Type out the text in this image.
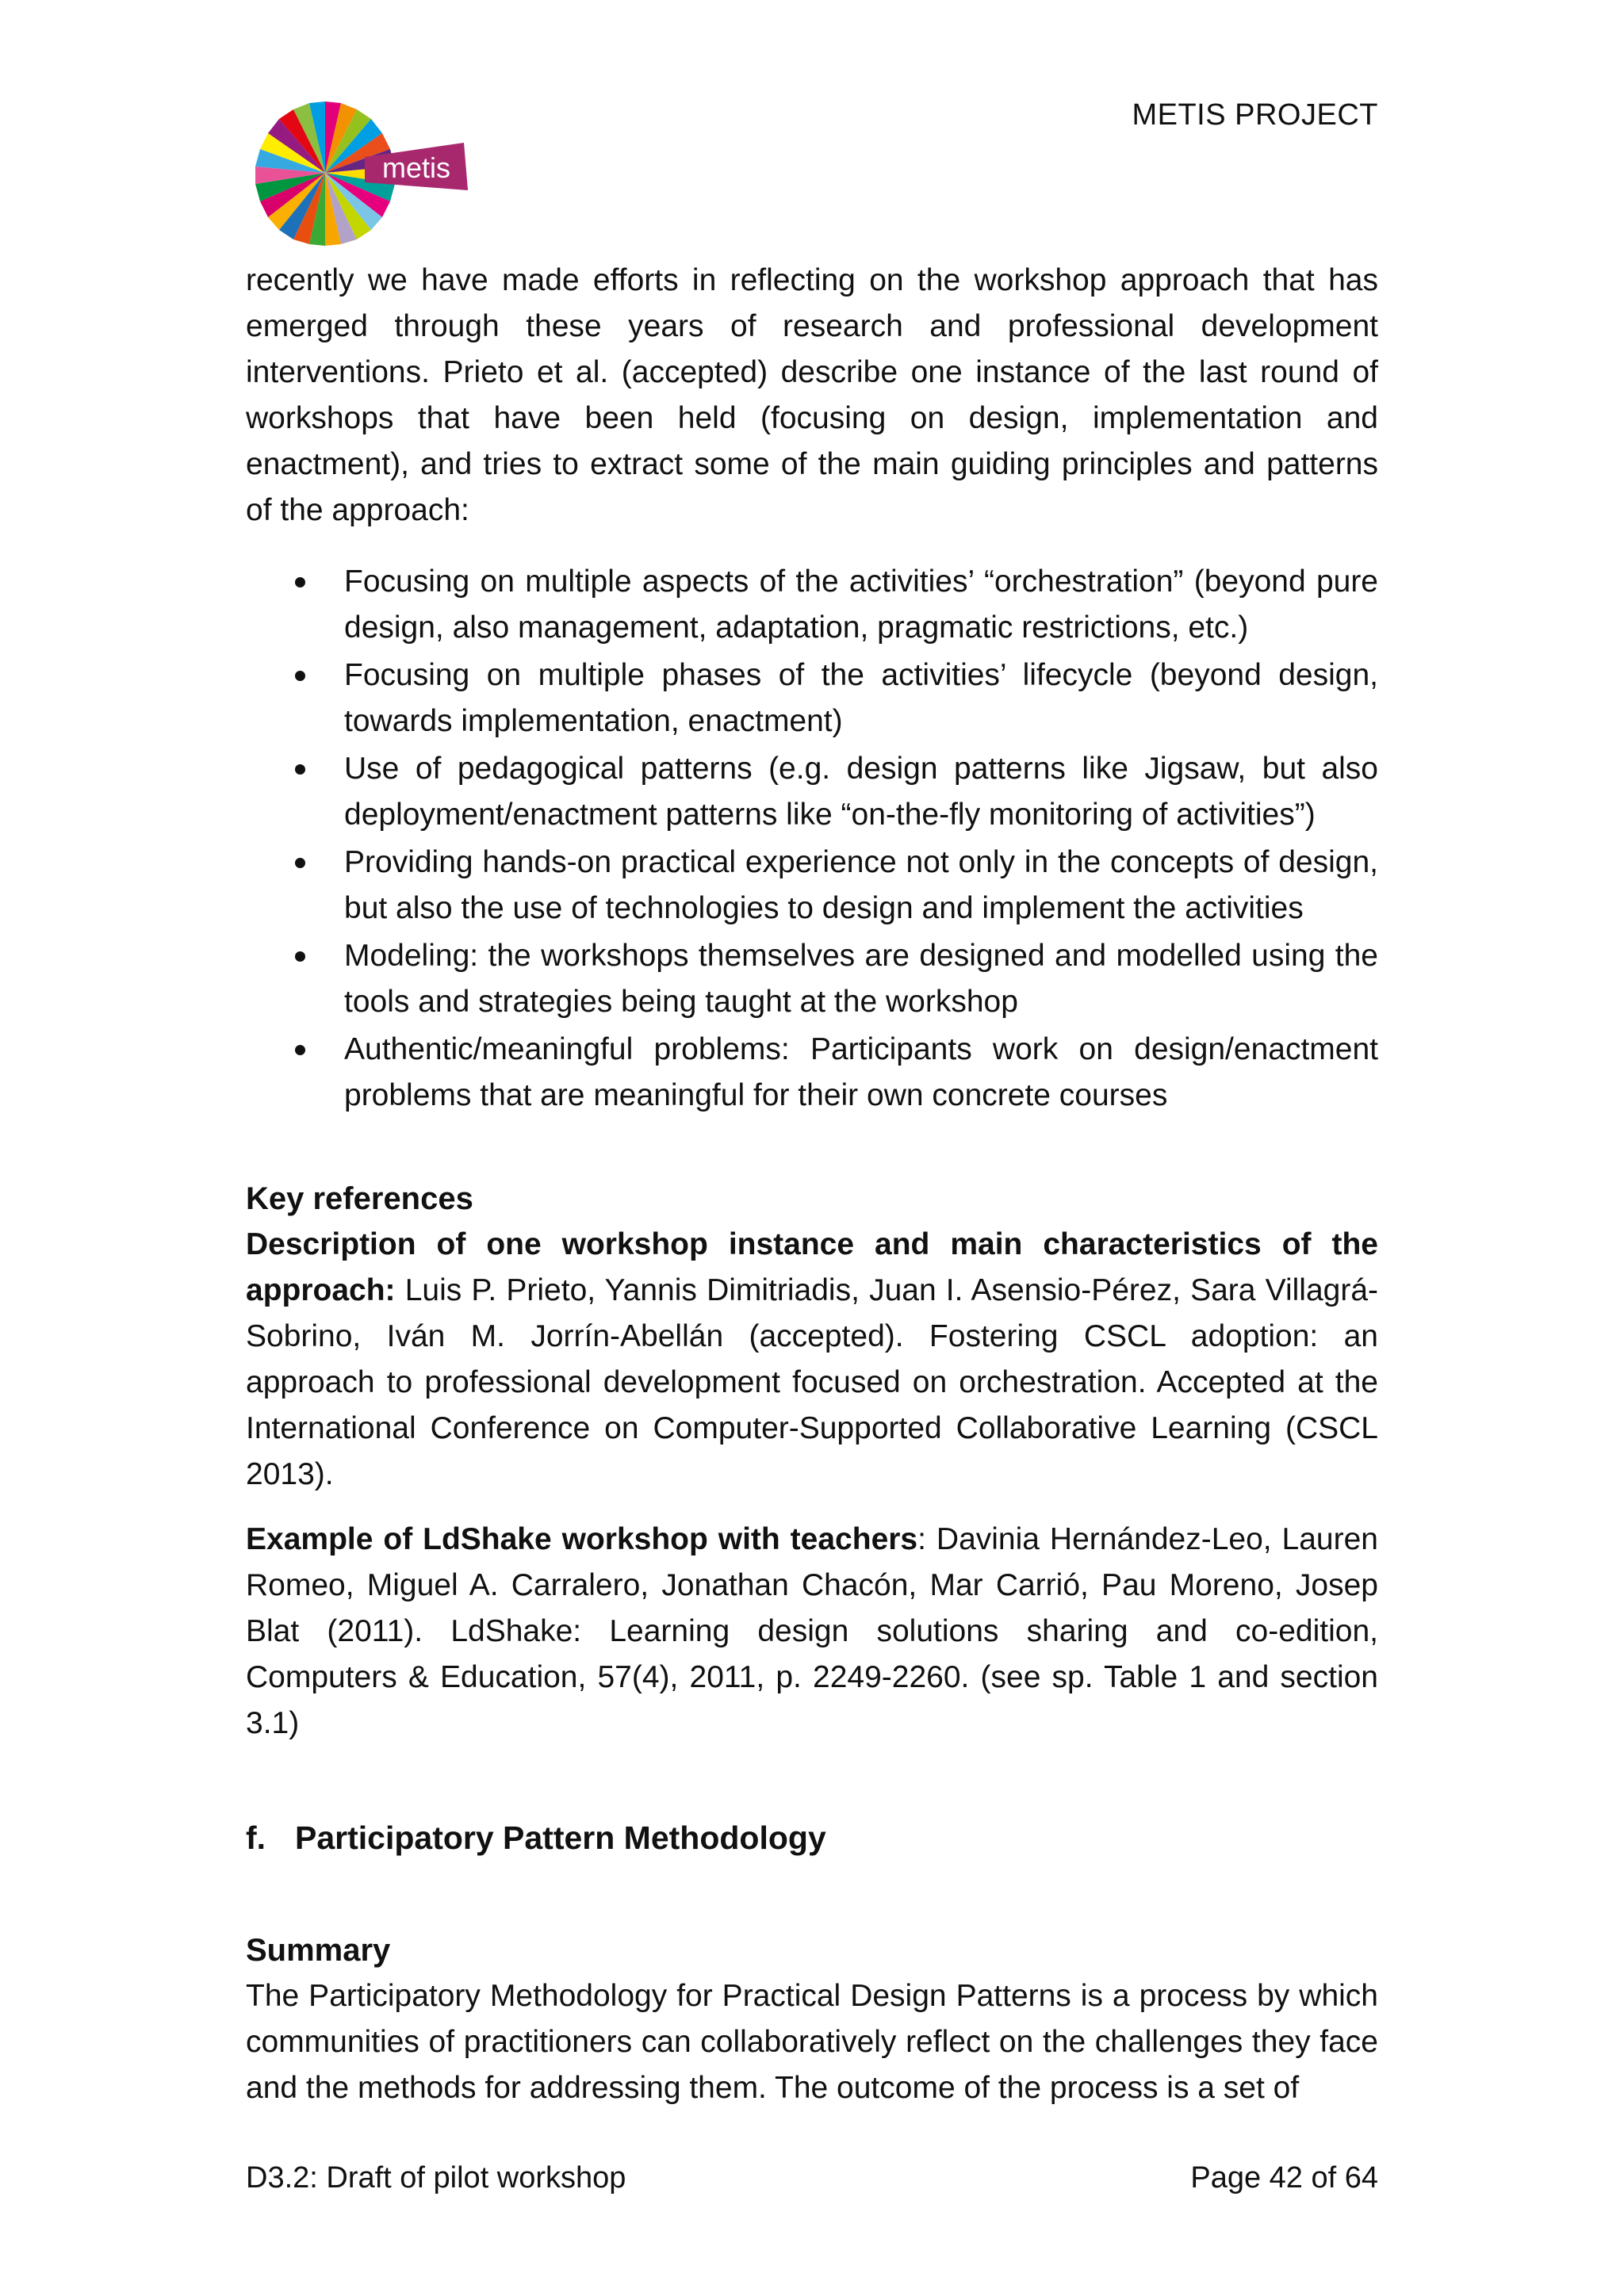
metis
METIS PROJECT

recently we have made efforts in reflecting on the workshop approach that has emerged through these years of research and professional development interventions. Prieto et al. (accepted) describe one instance of the last round of workshops that have been held (focusing on design, implementation and enactment), and tries to extract some of the main guiding principles and patterns of the approach:

Focusing on multiple aspects of the activities’ “orchestration” (beyond pure design, also management, adaptation, pragmatic restrictions, etc.)
Focusing on multiple phases of the activities’ lifecycle (beyond design, towards implementation, enactment)
Use of pedagogical patterns (e.g. design patterns like Jigsaw, but also deployment/enactment patterns like “on-the-fly monitoring of activities”)
Providing hands-on practical experience not only in the concepts of design, but also the use of technologies to design and implement the activities
Modeling: the workshops themselves are designed and modelled using the tools and strategies being taught at the workshop
Authentic/meaningful problems: Participants work on design/enactment problems that are meaningful for their own concrete courses
Key references

Description of one workshop instance and main characteristics of the approach: Luis P. Prieto, Yannis Dimitriadis, Juan I. Asensio-Pérez, Sara Villagrá-Sobrino, Iván M. Jorrín-Abellán (accepted). Fostering CSCL adoption: an approach to professional development focused on orchestration. Accepted at the International Conference on Computer-Supported Collaborative Learning (CSCL 2013).

Example of LdShake workshop with teachers: Davinia Hernández-Leo, Lauren Romeo, Miguel A. Carralero, Jonathan Chacón, Mar Carrió, Pau Moreno, Josep Blat (2011). LdShake: Learning design solutions sharing and co-edition, Computers & Education, 57(4), 2011, p. 2249-2260. (see sp. Table 1 and section 3.1)

f. Participatory Pattern Methodology
Summary

The Participatory Methodology for Practical Design Patterns is a process by which communities of practitioners can collaboratively reflect on the challenges they face and the methods for addressing them. The outcome of the process is a set of

D3.2: Draft of pilot workshop	Page 42 of 64
